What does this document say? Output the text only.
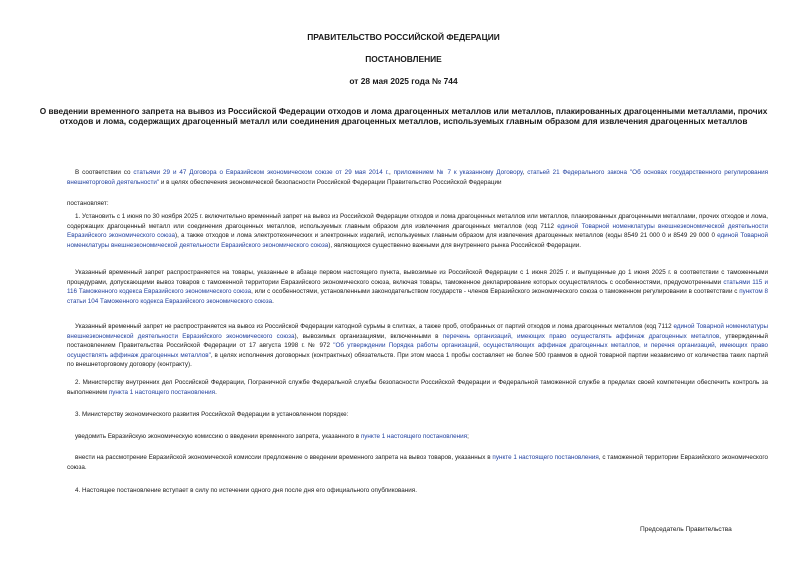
ПРАВИТЕЛЬСТВО РОССИЙСКОЙ ФЕДЕРАЦИИ
ПОСТАНОВЛЕНИЕ
от 28 мая 2025 года № 744
О введении временного запрета на вывоз из Российской Федерации отходов и лома драгоценных металлов или металлов, плакированных драгоценными металлами, прочих отходов и лома, содержащих драгоценный металл или соединения драгоценных металлов, используемых главным образом для извлечения драгоценных металлов
В соответствии со статьями 29 и 47 Договора о Евразийском экономическом союзе от 29 мая 2014 г., приложением № 7 к указанному Договору, статьей 21 Федерального закона "Об основах государственного регулирования внешнеторговой деятельности" и в целях обеспечения экономической безопасности Российской Федерации Правительство Российской Федерации
постановляет:
1. Установить с 1 июня по 30 ноября 2025 г. включительно временный запрет на вывоз из Российской Федерации отходов и лома драгоценных металлов или металлов, плакированных драгоценными металлами, прочих отходов и лома, содержащих драгоценный металл или соединения драгоценных металлов, используемых главным образом для извлечения драгоценных металлов (код 7112 единой Товарной номенклатуры внешнеэкономической деятельности Евразийского экономического союза), а также отходов и лома электротехнических и электронных изделий, используемых главным образом для извлечения драгоценных металлов (коды 8549 21 000 0 и 8549 29 000 0 единой Товарной номенклатуры внешнеэкономической деятельности Евразийского экономического союза), являющихся существенно важными для внутреннего рынка Российской Федерации.
Указанный временный запрет распространяется на товары, указанные в абзаце первом настоящего пункта, вывозимые из Российской Федерации с 1 июня 2025 г. и выпущенные до 1 июня 2025 г. в соответствии с таможенными процедурами, допускающими вывоз товаров с таможенной территории Евразийского экономического союза, включая товары, таможенное декларирование которых осуществлялось с особенностями, предусмотренными статьями 115 и 116 Таможенного кодекса Евразийского экономического союза, или с особенностями, установленными законодательством государств - членов Евразийского экономического союза о таможенном регулировании в соответствии с пунктом 8 статьи 104 Таможенного кодекса Евразийского экономического союза.
Указанный временный запрет не распространяется на вывоз из Российской Федерации катодной сурьмы в слитках, а также проб, отобранных от партий отходов и лома драгоценных металлов (код 7112 единой Товарной номенклатуры внешнеэкономической деятельности Евразийского экономического союза), вывозимых организациями, включенными в перечень организаций, имеющих право осуществлять аффинаж драгоценных металлов, утвержденный постановлением Правительства Российской Федерации от 17 августа 1998 г. № 972 "Об утверждении Порядка работы организаций, осуществляющих аффинаж драгоценных металлов, и перечня организаций, имеющих право осуществлять аффинаж драгоценных металлов", в целях исполнения договорных (контрактных) обязательств. При этом масса 1 пробы составляет не более 500 граммов в одной товарной партии независимо от количества таких партий по внешнеторговому договору (контракту).
2. Министерству внутренних дел Российской Федерации, Пограничной службе Федеральной службы безопасности Российской Федерации и Федеральной таможенной службе в пределах своей компетенции обеспечить контроль за выполнением пункта 1 настоящего постановления.
3. Министерству экономического развития Российской Федерации в установленном порядке:
уведомить Евразийскую экономическую комиссию о введении временного запрета, указанного в пункте 1 настоящего постановления;
внести на рассмотрение Евразийской экономической комиссии предложение о введении временного запрета на вывоз товаров, указанных в пункте 1 настоящего постановления, с таможенной территории Евразийского экономического союза.
4. Настоящее постановление вступает в силу по истечении одного дня после дня его официального опубликования.
Председатель Правительства
